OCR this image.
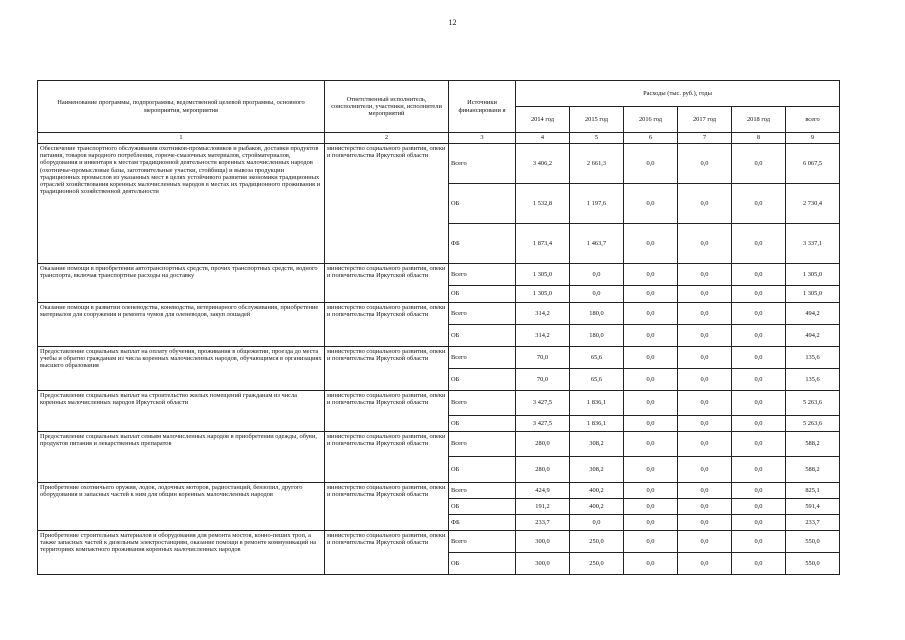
12
Наименование программы, подпрограммы, ведомственной целевой программы, основного мероприятия, мероприятия	Ответственный исполнитель, соисполнители, участники, исполнители мероприятий	Источники финансировани я	Расходы (тыс. руб.), годы					
			2014 год	2015 год	2016 год	2017 год	2018 год	всего
1	2	3	4	5	6	7	8	9
Обеспечение транспортного обслуживания охотников-промысловиков и рыбаков, доставки продуктов питания, товаров народного потребления, горюче-смазочных материалов, стройматериалов, оборудования и инвентаря к местам традиционной деятельности коренных малочисленных народов (охотничье-промысловые базы, заготовительные участки, стойбища) и вывоза продукции традиционных промыслов из указанных мест в целях устойчивого развития экономики традиционных отраслей хозяйствования коренных малочисленных народов в местах их традиционного проживания и традиционной хозяйственной деятельности	министерство социального развития, опеки и попечительства Иркутской области	Всего	3 406,2	2 661,3	0,0	0,0	0,0	6 067,5
		ОБ	1 532,8	1 197,6	0,0	0,0	0,0	2 730,4
		ФБ	1 873,4	1 463,7	0,0	0,0	0,0	3 337,1
Оказание помощи в приобретении автотранспортных средств, прочих транспортных средств, водного транспорта, включая транспортные расходы на доставку	министерство социального развития, опеки и попечительства Иркутской области	Всего	1 305,0	0,0	0,0	0,0	0,0	1 305,0
		ОБ	1 305,0	0,0	0,0	0,0	0,0	1 305,0
Оказание помощи в развитии оленеводства, коневодства, ветеринарного обслуживания, приобретение материалов для сооружения и ремонта чумов для оленеводов, закуп лошадей	министерство социального развития, опеки и попечительства Иркутской области	Всего	314,2	180,0	0,0	0,0	0,0	494,2
		ОБ	314,2	180,0	0,0	0,0	0,0	494,2
Предоставление социальных выплат на оплату обучения, проживания в общежитии, проезда до места учебы и обратно гражданам из числа коренных малочисленных народов, обучающимся в организациях высшего образования	министерство социального развития, опеки и попечительства Иркутской области	Всего	70,0	65,6	0,0	0,0	0,0	135,6
		ОБ	70,0	65,6	0,0	0,0	0,0	135,6
Предоставление социальных выплат на строительство жилых помещений гражданам из числа коренных малочисленных народов Иркутской области	министерство социального развития, опеки и попечительства Иркутской области	Всего	3 427,5	1 836,1	0,0	0,0	0,0	5 263,6
		ОБ	3 427,5	1 836,1	0,0	0,0	0,0	5 263,6
Предоставление социальных выплат семьям малочисленных народов в приобретении одежды, обуви, продуктов питания и лекарственных препаратов	министерство социального развития, опеки и попечительства Иркутской области	Всего	280,0	308,2	0,0	0,0	0,0	588,2
		ОБ	280,0	308,2	0,0	0,0	0,0	588,2
Приобретение охотничьего оружия, лодок, лодочных моторов, радиостанций, бензопил, другого оборудования и запасных частей к ним для общин коренных малочисленных народов	министерство социального развития, опеки и попечительства Иркутской области	Всего	424,9	400,2	0,0	0,0	0,0	825,1
		ОБ	191,2	400,2	0,0	0,0	0,0	591,4
		ФБ	233,7	0,0	0,0	0,0	0,0	233,7
Приобретение строительных материалов и оборудования для ремонта мостов, конно-пеших троп, а также запасных частей к дизельным электростанциям, оказание помощи в ремонте коммуникаций на территориях компактного проживания коренных малочисленных народов	министерство социального развития, опеки и попечительства Иркутской области	Всего	300,0	250,0	0,0	0,0	0,0	550,0
		ОБ	300,0	250,0	0,0	0,0	0,0	550,0
